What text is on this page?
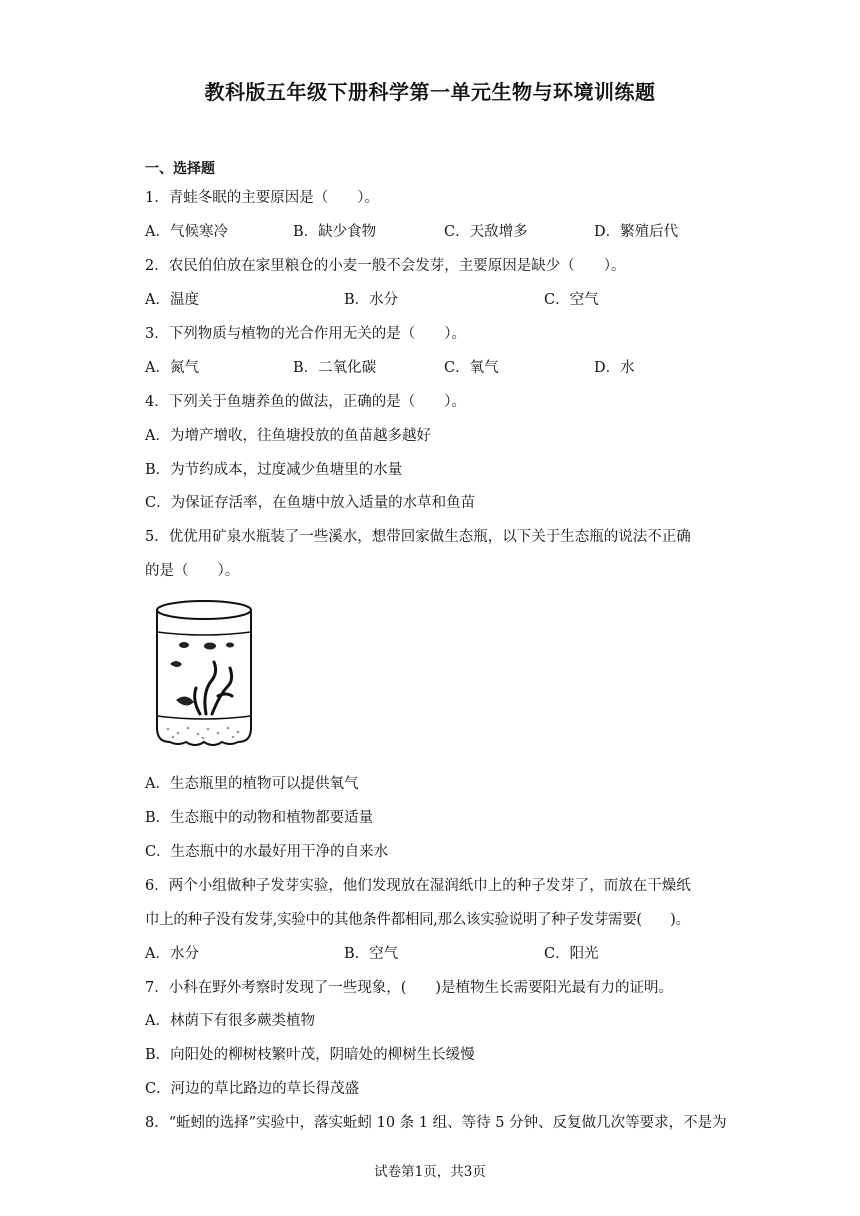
教科版五年级下册科学第一单元生物与环境训练题
一、选择题
1．青蛙冬眠的主要原因是（　　）。
A．气候寒冷	B．缺少食物	C．天敌增多	D．繁殖后代
2．农民伯伯放在家里粮仓的小麦一般不会发芽，主要原因是缺少（　　）。
A．温度	B．水分	C．空气
3．下列物质与植物的光合作用无关的是（　　）。
A．氮气	B．二氧化碳	C．氧气	D．水
4．下列关于鱼塘养鱼的做法，正确的是（　　）。
A．为增产增收，往鱼塘投放的鱼苗越多越好
B．为节约成本，过度减少鱼塘里的水量
C．为保证存活率，在鱼塘中放入适量的水草和鱼苗
5．优优用矿泉水瓶装了一些溪水，想带回家做生态瓶，以下关于生态瓶的说法不正确
的是（　　）。
A．生态瓶里的植物可以提供氧气
B．生态瓶中的动物和植物都要适量
C．生态瓶中的水最好用干净的自来水
6．两个小组做种子发芽实验，他们发现放在湿润纸巾上的种子发芽了，而放在干燥纸
巾上的种子没有发芽,实验中的其他条件都相同,那么该实验说明了种子发芽需要(　　)。
A．水分	B．空气	C．阳光
7．小科在野外考察时发现了一些现象，(　　)是植物生长需要阳光最有力的证明。
A．林荫下有很多蕨类植物
B．向阳处的柳树枝繁叶茂，阴暗处的柳树生长缓慢
C．河边的草比路边的草长得茂盛
8．“蚯蚓的选择”实验中，落实蚯蚓 10 条 1 组、等待 5 分钟、反复做几次等要求，不是为
试卷第1页，共3页
